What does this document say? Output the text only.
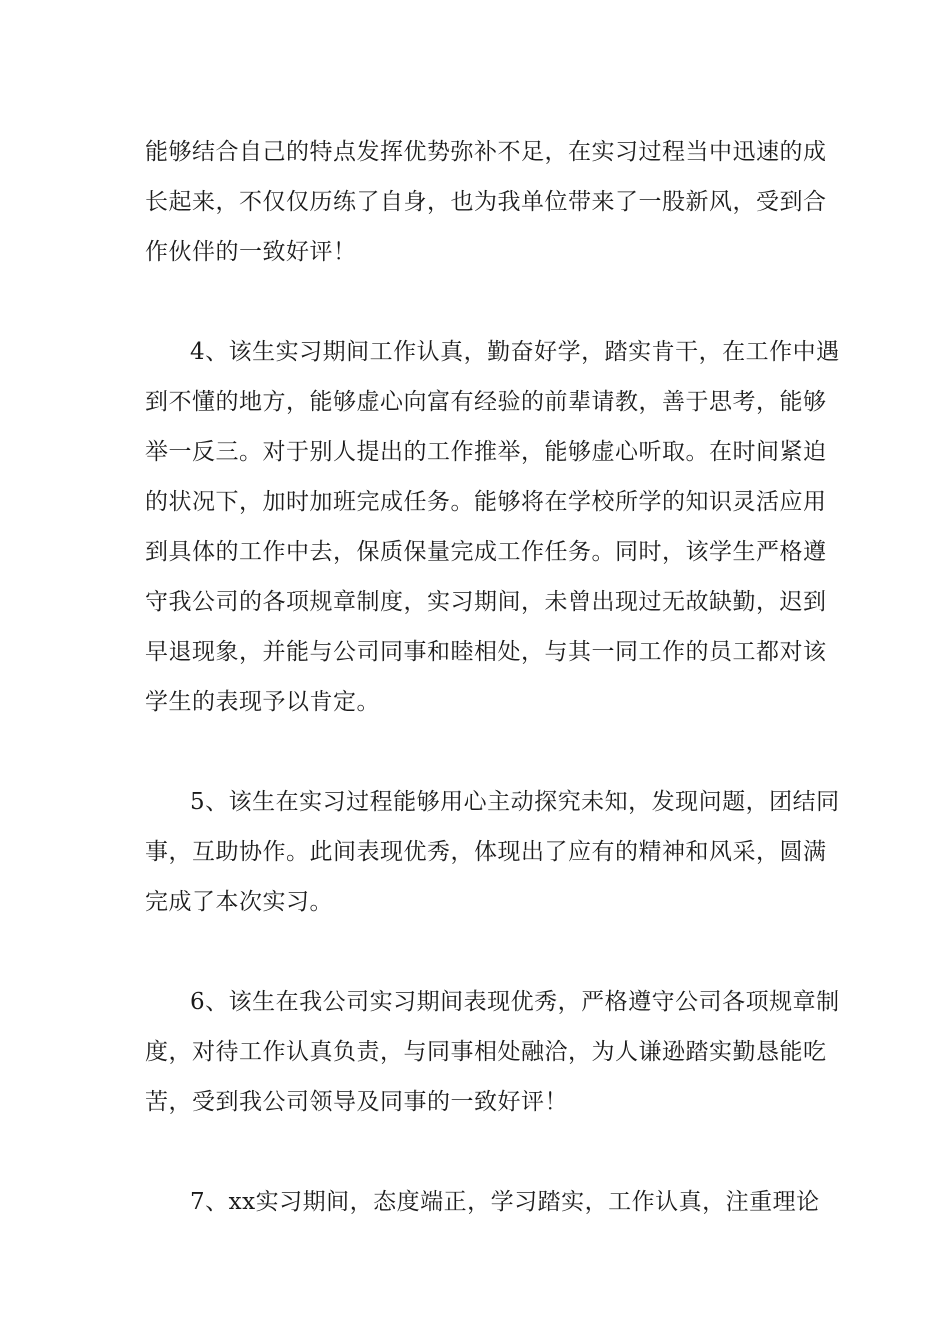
能够结合自己的特点发挥优势弥补不足，在实习过程当中迅速的成
长起来，不仅仅历练了自身，也为我单位带来了一股新风，受到合
作伙伴的一致好评！
4、该生实习期间工作认真，勤奋好学，踏实肯干，在工作中遇
到不懂的地方，能够虚心向富有经验的前辈请教，善于思考，能够
举一反三。对于别人提出的工作推举，能够虚心听取。在时间紧迫
的状况下，加时加班完成任务。能够将在学校所学的知识灵活应用
到具体的工作中去，保质保量完成工作任务。同时，该学生严格遵
守我公司的各项规章制度，实习期间，未曾出现过无故缺勤，迟到
早退现象，并能与公司同事和睦相处，与其一同工作的员工都对该
学生的表现予以肯定。
5、该生在实习过程能够用心主动探究未知，发现问题，团结同
事，互助协作。此间表现优秀，体现出了应有的精神和风采，圆满
完成了本次实习。
6、该生在我公司实习期间表现优秀，严格遵守公司各项规章制
度，对待工作认真负责，与同事相处融洽，为人谦逊踏实勤恳能吃
苦，受到我公司领导及同事的一致好评！
7、xx实习期间，态度端正，学习踏实，工作认真，注重理论
